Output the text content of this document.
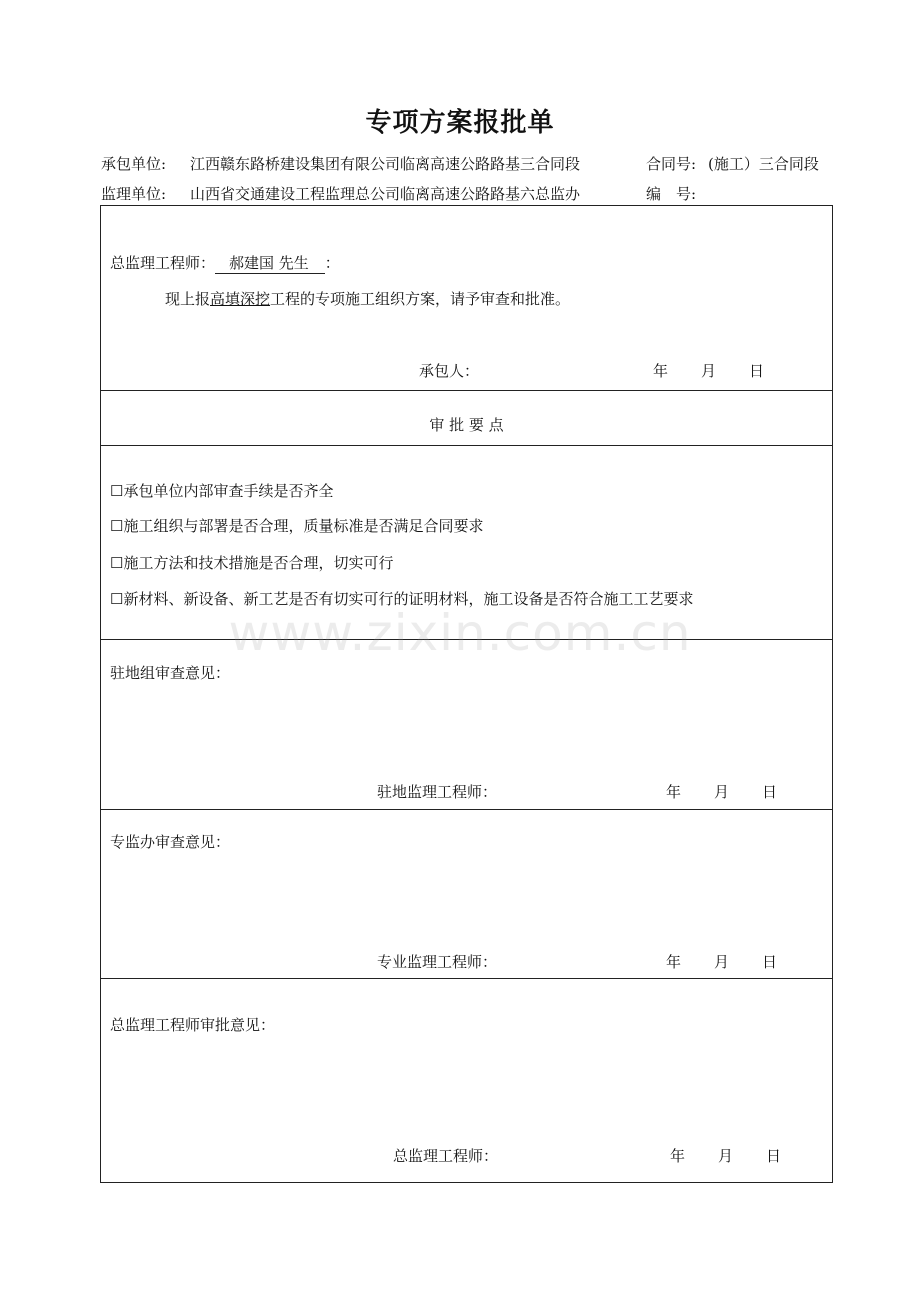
专项方案报批单
承包单位: 江西赣东路桥建设集团有限公司临离高速公路路基三合同段	合同号: (施工）三合同段
监理单位: 山西省交通建设工程监理总公司临离高速公路路基六总监办	编　号:
总监理工程师： 郝建国 先生 ：
现上报高填深挖工程的专项施工组织方案，请予审查和批准。
承包人：	年 月 日
审 批 要 点
☐承包单位内部审查手续是否齐全
☐施工组织与部署是否合理，质量标准是否满足合同要求
☐施工方法和技术措施是否合理，切实可行
☐新材料、新设备、新工艺是否有切实可行的证明材料，施工设备是否符合施工工艺要求
驻地组审查意见：
驻地监理工程师：	年 月 日
专监办审查意见：
专业监理工程师：	年 月 日
总监理工程师审批意见：
总监理工程师：	年 月 日
www.zixin.com.cn
